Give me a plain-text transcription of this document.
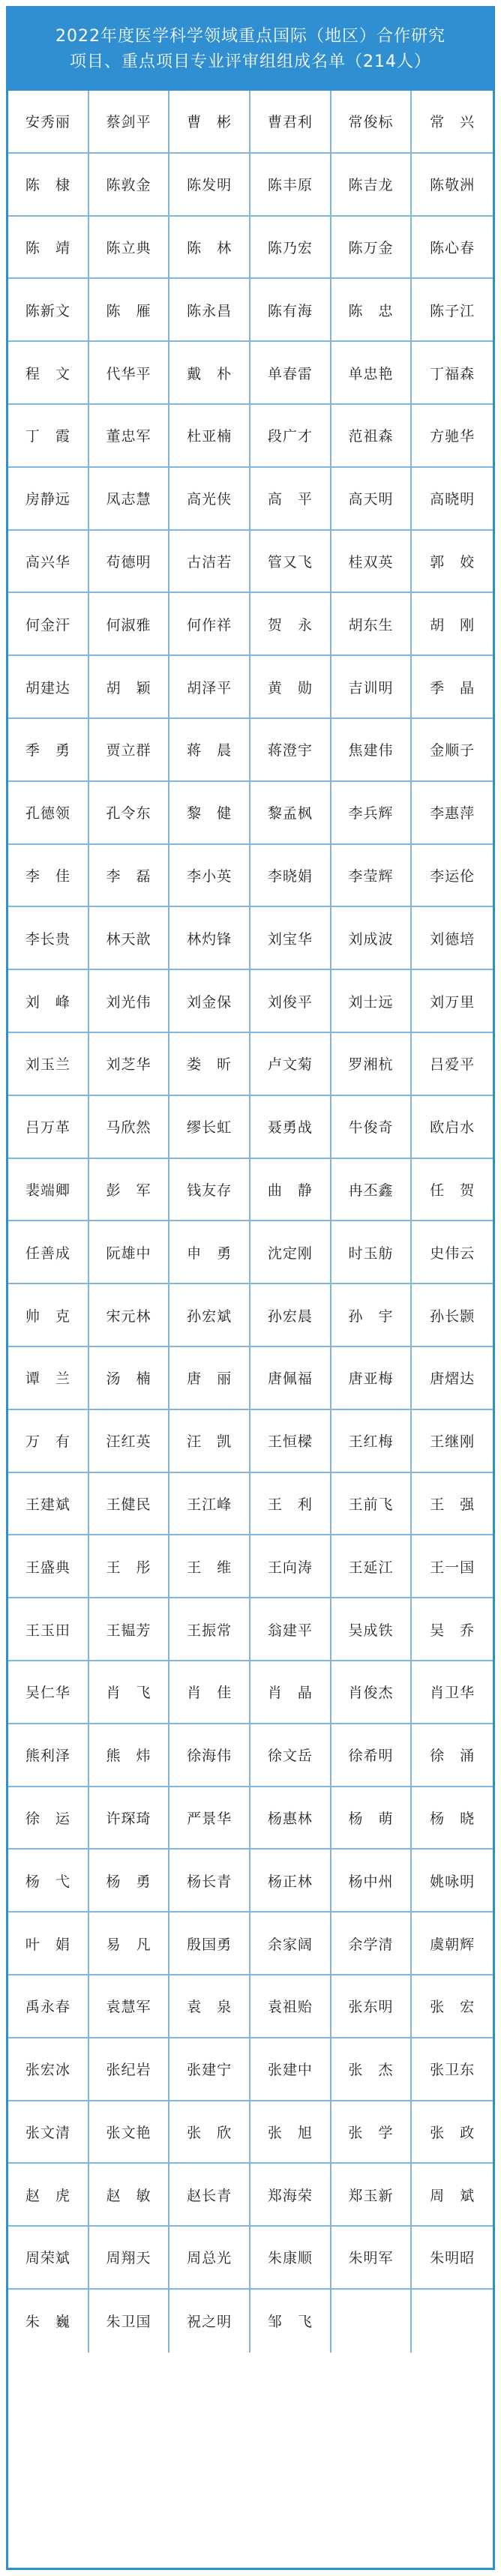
2022年度医学科学领域重点国际（地区）合作研究
项目、重点项目专业评审组组成名单（214人）
安秀丽	蔡剑平	曹　彬	曹君利	常俊标	常　兴
陈　棣	陈敦金	陈发明	陈丰原	陈吉龙	陈敬洲
陈　靖	陈立典	陈　林	陈乃宏	陈万金	陈心春
陈新文	陈　雁	陈永昌	陈有海	陈　忠	陈子江
程　文	代华平	戴　朴	单春雷	单忠艳	丁福森
丁　霞	董忠军	杜亚楠	段广才	范祖森	方驰华
房静远	凤志慧	高光侠	高　平	高天明	高晓明
高兴华	苟德明	古洁若	管又飞	桂双英	郭　姣
何金汗	何淑雅	何作祥	贺　永	胡东生	胡　刚
胡建达	胡　颖	胡泽平	黄　勋	吉训明	季　晶
季　勇	贾立群	蒋　晨	蒋澄宇	焦建伟	金顺子
孔德领	孔令东	黎　健	黎孟枫	李兵辉	李惠萍
李　佳	李　磊	李小英	李晓娟	李莹辉	李运伦
李长贵	林天歆	林灼锋	刘宝华	刘成波	刘德培
刘　峰	刘光伟	刘金保	刘俊平	刘士远	刘万里
刘玉兰	刘芝华	娄　昕	卢文菊	罗湘杭	吕爱平
吕万革	马欣然	缪长虹	聂勇战	牛俊奇	欧启水
裴端卿	彭　军	钱友存	曲　静	冉丕鑫	任　贺
任善成	阮雄中	申　勇	沈定刚	时玉舫	史伟云
帅　克	宋元林	孙宏斌	孙宏晨	孙　宇	孙长颢
谭　兰	汤　楠	唐　丽	唐佩福	唐亚梅	唐熠达
万　有	汪红英	汪　凯	王恒樑	王红梅	王继刚
王建斌	王健民	王江峰	王　利	王前飞	王　强
王盛典	王　彤	王　维	王向涛	王延江	王一国
王玉田	王韫芳	王振常	翁建平	吴成铁	吴　乔
吴仁华	肖　飞	肖　佳	肖　晶	肖俊杰	肖卫华
熊利泽	熊　炜	徐海伟	徐文岳	徐希明	徐　涌
徐　运	许琛琦	严景华	杨惠林	杨　萌	杨　晓
杨　弋	杨　勇	杨长青	杨正林	杨中州	姚咏明
叶　娟	易　凡	殷国勇	余家阔	余学清	虞朝辉
禹永春	袁慧军	袁　泉	袁祖贻	张东明	张　宏
张宏冰	张纪岩	张建宁	张建中	张　杰	张卫东
张文清	张文艳	张　欣	张　旭	张　学	张　政
赵　虎	赵　敏	赵长青	郑海荣	郑玉新	周　斌
周荣斌	周翔天	周总光	朱康顺	朱明军	朱明昭
朱　巍	朱卫国	祝之明	邹　飞
